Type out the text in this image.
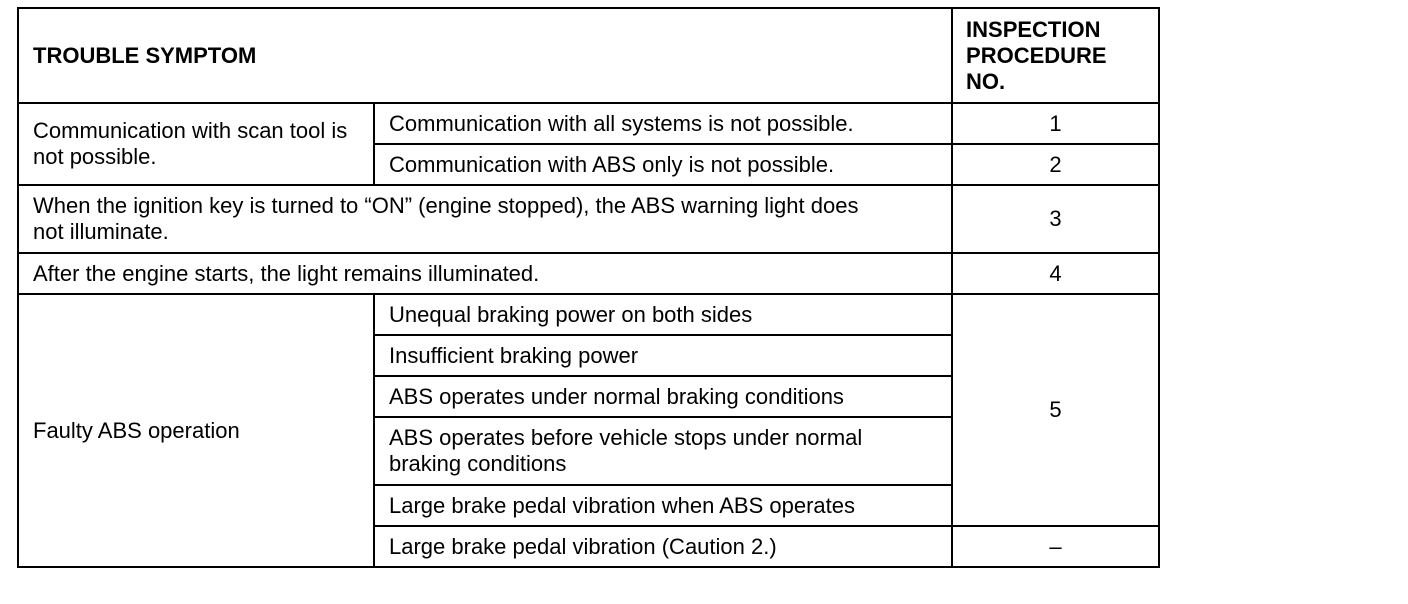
TROUBLE SYMPTOM		INSPECTION
PROCEDURE
NO.

Communication with scan tool is not possible.	Communication with all systems is not possible.	1
	Communication with ABS only is not possible.	2
When the ignition key is turned to “ON” (engine stopped), the ABS warning light does not illuminate.		3
After the engine starts, the light remains illuminated.		4
Faulty ABS operation	Unequal braking power on both sides	5
	Insufficient braking power	
	ABS operates under normal braking conditions	
	ABS operates before vehicle stops under normal braking conditions	
	Large brake pedal vibration when ABS operates	
	Large brake pedal vibration (Caution 2.)	–
